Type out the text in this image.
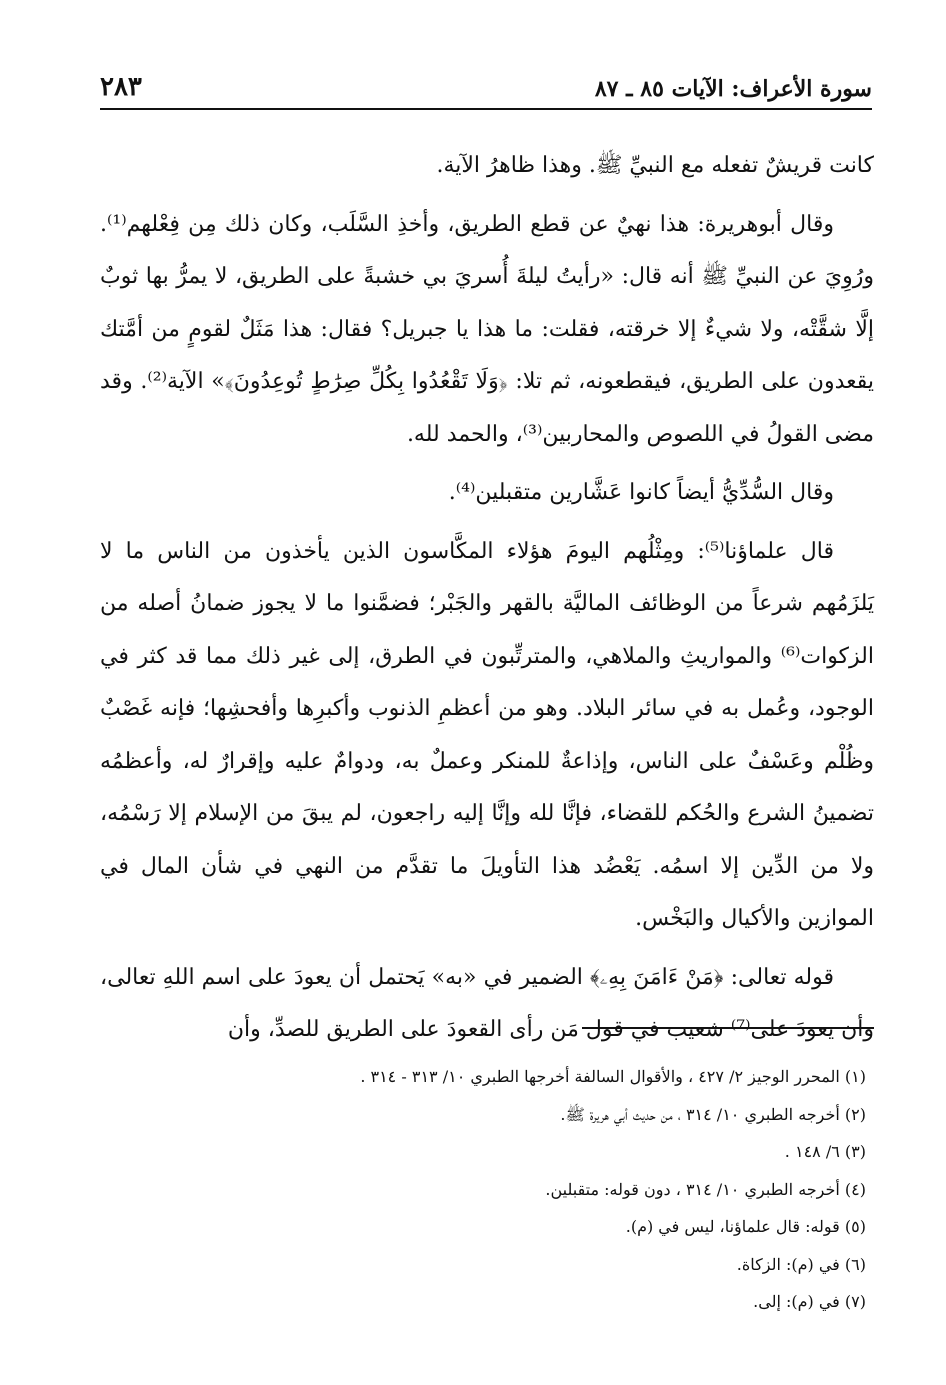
سورة الأعراف: الآيات ٨٥ ـ ٨٧
٢٨٣

كانت قريشٌ تفعله مع النبيِّ ﷺ. وهذا ظاهرُ الآية.

وقال أبوهريرة: هذا نهيٌ عن قطع الطريق، وأخذِ السَّلَب، وكان ذلك مِن فِعْلهم⁽¹⁾. ورُوِيَ عن النبيِّ ﷺ أنه قال: «رأيتُ ليلةَ أُسريَ بي خشبةً على الطريق، لا يمرُّ بها ثوبٌ إلَّا شقَّتْه، ولا شيءٌ إلا خرقته، فقلت: ما هذا يا جبريل؟ فقال: هذا مَثَلٌ لقومٍ من أمَّتك يقعدون على الطريق، فيقطعونه، ثم تلا: ﴿وَلَا تَقْعُدُوا بِكُلِّ صِرَٰطٍ تُوعِدُونَ﴾» الآية⁽²⁾. وقد مضى القولُ في اللصوص والمحاربين⁽³⁾، والحمد لله.

وقال السُّدِّيُّ أيضاً كانوا عَشَّارين متقبلين⁽⁴⁾.

قال علماؤنا⁽⁵⁾: ومِثْلُهم اليومَ هؤلاء المكَّاسون الذين يأخذون من الناس ما لا يَلزَمُهم شرعاً من الوظائف الماليَّة بالقهر والجَبْر؛ فضمَّنوا ما لا يجوز ضمانُ أصله من الزكوات⁽⁶⁾ والمواريثِ والملاهي، والمترتِّبون في الطرق، إلى غير ذلك مما قد كثر في الوجود، وعُمل به في سائر البلاد. وهو من أعظمِ الذنوب وأكبرِها وأفحشِها؛ فإنه غَصْبٌ وظُلْم وعَسْفٌ على الناس، وإذاعةٌ للمنكر وعملٌ به، ودوامٌ عليه وإقرارٌ له، وأعظمُه تضمينُ الشرع والحُكم للقضاء، فإنَّا لله وإنَّا إليه راجعون، لم يبقَ من الإسلام إلا رَسْمُه، ولا من الدِّين إلا اسمُه. يَعْضُد هذا التأويلَ ما تقدَّم من النهي في شأن المال في الموازين والأكيال والبَخْس.

قوله تعالى: ﴿مَنْ ءَامَنَ بِهِۦ﴾ الضمير في «به» يَحتمل أن يعودَ على اسم اللهِ تعالى، وأن يعودَ على⁽⁷⁾ شعيب في قول مَن رأى القعودَ على الطريق للصدِّ، وأن

(١) المحرر الوجيز ٢/ ٤٢٧ ، والأقوال السالفة أخرجها الطبري ١٠/ ٣١٣ - ٣١٤ .
(٢) أخرجه الطبري ١٠/ ٣١٤ ، من حديث أبي هريرة ﷺ.
(٣) ٦/ ١٤٨ .
(٤) أخرجه الطبري ١٠/ ٣١٤ ، دون قوله: متقبلين.
(٥) قوله: قال علماؤنا، ليس في (م).
(٦) في (م): الزكاة.
(٧) في (م): إلى.
